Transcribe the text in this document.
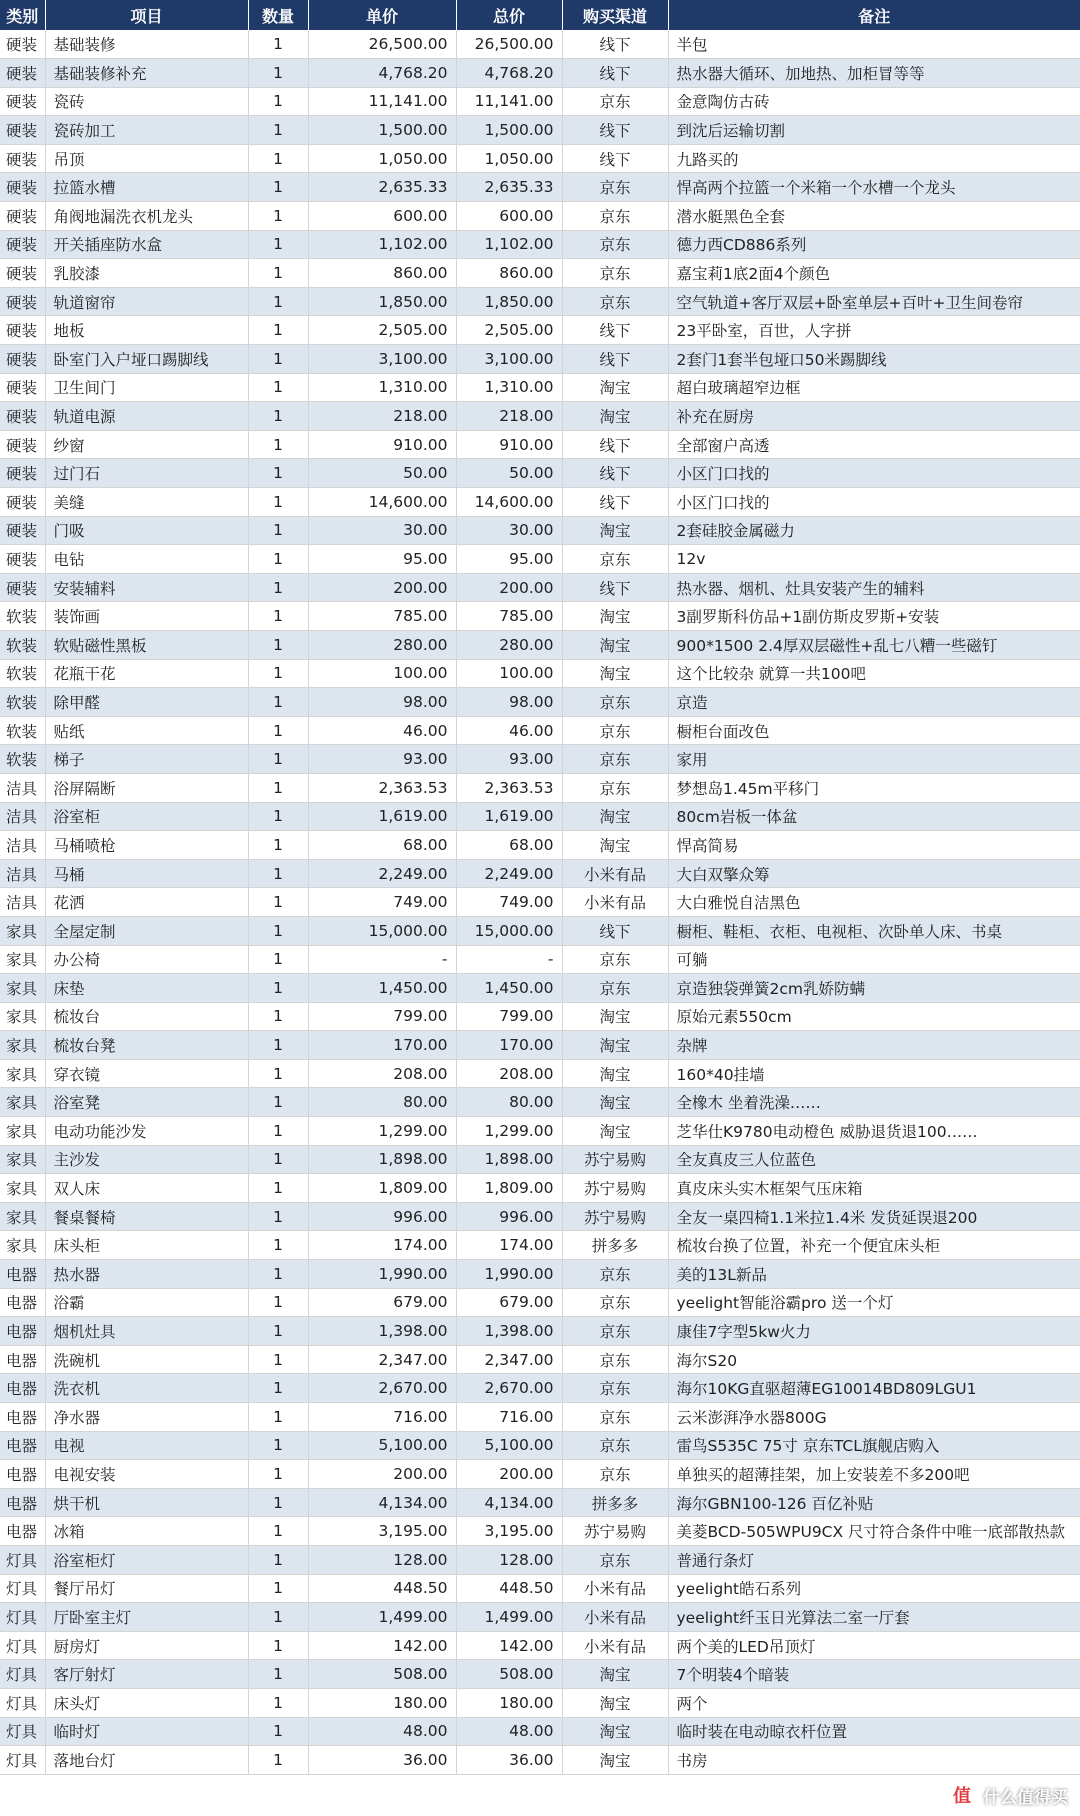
类别	项目	数量	单价	总价	购买渠道	备注
硬装	基础装修	1	26,500.00	26,500.00	线下	半包
硬装	基础装修补充	1	4,768.20	4,768.20	线下	热水器大循环、加地热、加柜冒等等
硬装	瓷砖	1	11,141.00	11,141.00	京东	金意陶仿古砖
硬装	瓷砖加工	1	1,500.00	1,500.00	线下	到沈后运输切割
硬装	吊顶	1	1,050.00	1,050.00	线下	九路买的
硬装	拉篮水槽	1	2,635.33	2,635.33	京东	悍高两个拉篮一个米箱一个水槽一个龙头
硬装	角阀地漏洗衣机龙头	1	600.00	600.00	京东	潜水艇黑色全套
硬装	开关插座防水盒	1	1,102.00	1,102.00	京东	德力西CD886系列
硬装	乳胶漆	1	860.00	860.00	京东	嘉宝莉1底2面4个颜色
硬装	轨道窗帘	1	1,850.00	1,850.00	京东	空气轨道+客厅双层+卧室单层+百叶+卫生间卷帘
硬装	地板	1	2,505.00	2,505.00	线下	23平卧室，百世，人字拼
硬装	卧室门入户垭口踢脚线	1	3,100.00	3,100.00	线下	2套门1套半包垭口50米踢脚线
硬装	卫生间门	1	1,310.00	1,310.00	淘宝	超白玻璃超窄边框
硬装	轨道电源	1	218.00	218.00	淘宝	补充在厨房
硬装	纱窗	1	910.00	910.00	线下	全部窗户高透
硬装	过门石	1	50.00	50.00	线下	小区门口找的
硬装	美缝	1	14,600.00	14,600.00	线下	小区门口找的
硬装	门吸	1	30.00	30.00	淘宝	2套硅胶金属磁力
硬装	电钻	1	95.00	95.00	京东	12v
硬装	安装辅料	1	200.00	200.00	线下	热水器、烟机、灶具安装产生的辅料
软装	装饰画	1	785.00	785.00	淘宝	3副罗斯科仿品+1副仿斯皮罗斯+安装
软装	软贴磁性黑板	1	280.00	280.00	淘宝	900*1500 2.4厚双层磁性+乱七八糟一些磁钉
软装	花瓶干花	1	100.00	100.00	淘宝	这个比较杂 就算一共100吧
软装	除甲醛	1	98.00	98.00	京东	京造
软装	贴纸	1	46.00	46.00	京东	橱柜台面改色
软装	梯子	1	93.00	93.00	京东	家用
洁具	浴屏隔断	1	2,363.53	2,363.53	京东	梦想岛1.45m平移门
洁具	浴室柜	1	1,619.00	1,619.00	淘宝	80cm岩板一体盆
洁具	马桶喷枪	1	68.00	68.00	淘宝	悍高简易
洁具	马桶	1	2,249.00	2,249.00	小米有品	大白双擎众筹
洁具	花洒	1	749.00	749.00	小米有品	大白雅悦自洁黑色
家具	全屋定制	1	15,000.00	15,000.00	线下	橱柜、鞋柜、衣柜、电视柜、次卧单人床、书桌
家具	办公椅	1	-	-	京东	可躺
家具	床垫	1	1,450.00	1,450.00	京东	京造独袋弹簧2cm乳娇防螨
家具	梳妆台	1	799.00	799.00	淘宝	原始元素550cm
家具	梳妆台凳	1	170.00	170.00	淘宝	杂牌
家具	穿衣镜	1	208.00	208.00	淘宝	160*40挂墙
家具	浴室凳	1	80.00	80.00	淘宝	全橡木 坐着洗澡……
家具	电动功能沙发	1	1,299.00	1,299.00	淘宝	芝华仕K9780电动橙色 威胁退货退100……
家具	主沙发	1	1,898.00	1,898.00	苏宁易购	全友真皮三人位蓝色
家具	双人床	1	1,809.00	1,809.00	苏宁易购	真皮床头实木框架气压床箱
家具	餐桌餐椅	1	996.00	996.00	苏宁易购	全友一桌四椅1.1米拉1.4米 发货延误退200
家具	床头柜	1	174.00	174.00	拼多多	梳妆台换了位置，补充一个便宜床头柜
电器	热水器	1	1,990.00	1,990.00	京东	美的13L新品
电器	浴霸	1	679.00	679.00	京东	yeelight智能浴霸pro 送一个灯
电器	烟机灶具	1	1,398.00	1,398.00	京东	康佳7字型5kw火力
电器	洗碗机	1	2,347.00	2,347.00	京东	海尔S20
电器	洗衣机	1	2,670.00	2,670.00	京东	海尔10KG直驱超薄EG10014BD809LGU1
电器	净水器	1	716.00	716.00	京东	云米澎湃净水器800G
电器	电视	1	5,100.00	5,100.00	京东	雷鸟S535C 75寸 京东TCL旗舰店购入
电器	电视安装	1	200.00	200.00	京东	单独买的超薄挂架，加上安装差不多200吧
电器	烘干机	1	4,134.00	4,134.00	拼多多	海尔GBN100-126 百亿补贴
电器	冰箱	1	3,195.00	3,195.00	苏宁易购	美菱BCD-505WPU9CX 尺寸符合条件中唯一底部散热款
灯具	浴室柜灯	1	128.00	128.00	京东	普通行条灯
灯具	餐厅吊灯	1	448.50	448.50	小米有品	yeelight皓石系列
灯具	厅卧室主灯	1	1,499.00	1,499.00	小米有品	yeelight纤玉日光算法二室一厅套
灯具	厨房灯	1	142.00	142.00	小米有品	两个美的LED吊顶灯
灯具	客厅射灯	1	508.00	508.00	淘宝	7个明装4个暗装
灯具	床头灯	1	180.00	180.00	淘宝	两个
灯具	临时灯	1	48.00	48.00	淘宝	临时装在电动晾衣杆位置
灯具	落地台灯	1	36.00	36.00	淘宝	书房
值 什么值得买
